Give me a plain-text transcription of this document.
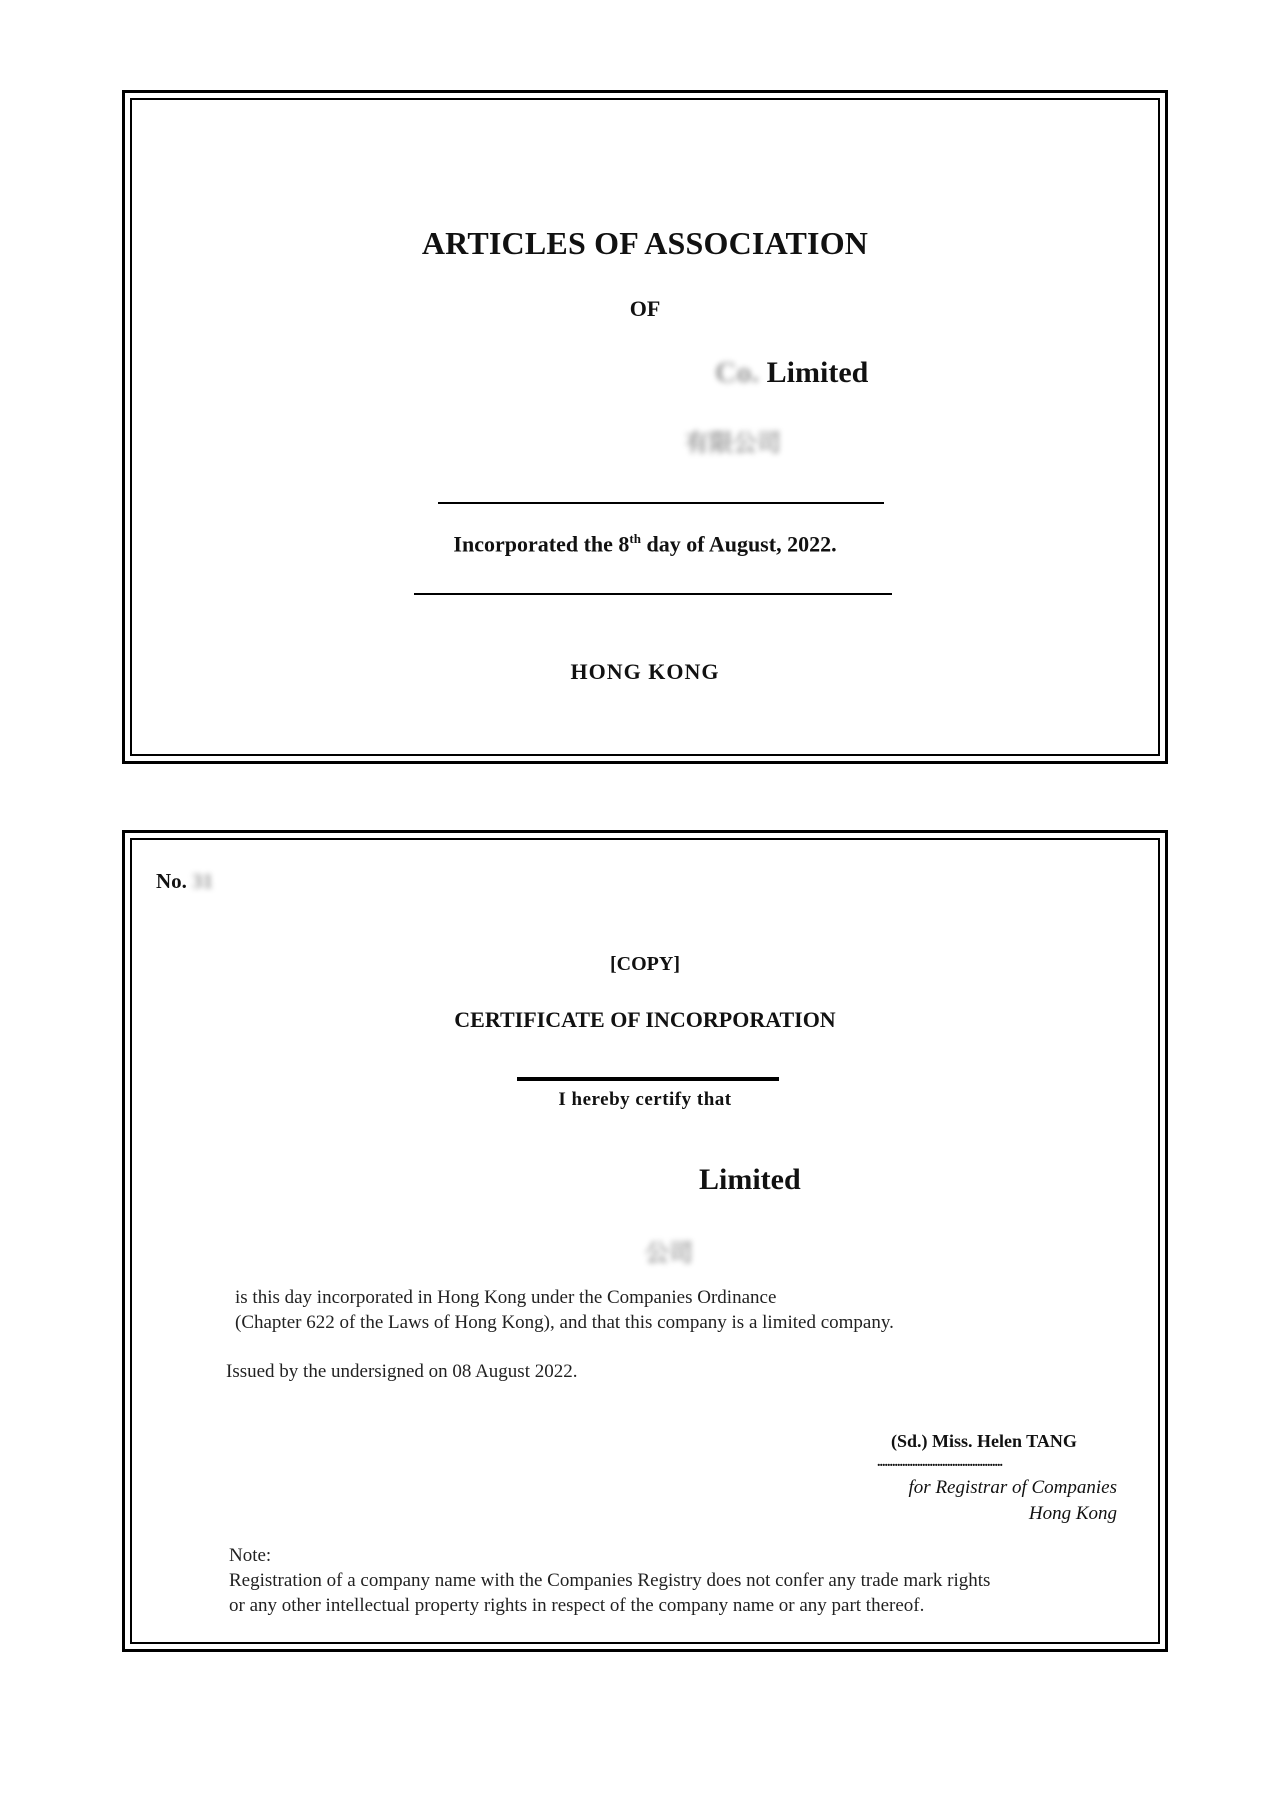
ARTICLES OF ASSOCIATION
OF
Co. Limited
有限公司
Incorporated the 8th day of August, 2022.
HONG KONG
No. 31
[COPY]
CERTIFICATE OF INCORPORATION
I hereby certify that
Limited
公司
is this day incorporated in Hong Kong under the Companies Ordinance
(Chapter 622 of the Laws of Hong Kong), and that this company is a limited company.
Issued by the undersigned on 08 August 2022.
(Sd.) Miss. Helen TANG
..................................................
for Registrar of Companies
Hong Kong
Note:
Registration of a company name with the Companies Registry does not confer any trade mark rights
or any other intellectual property rights in respect of the company name or any part thereof.
